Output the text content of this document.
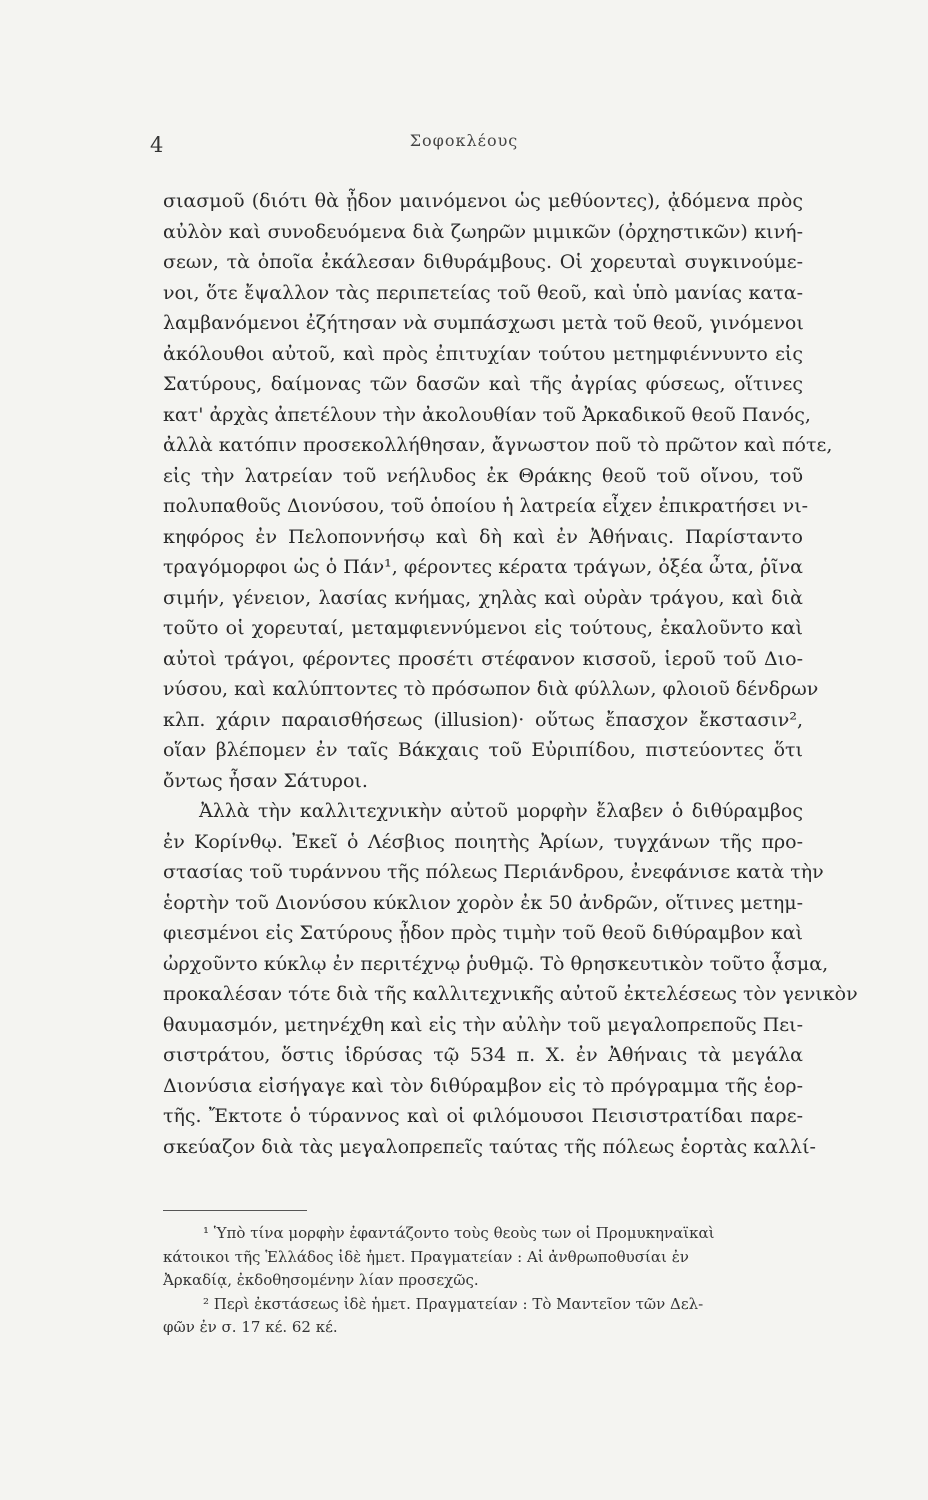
4	Σοφοκλέους
σιασμοῦ (διότι θὰ ᾖδον μαινόμενοι ὡς μεθύοντες), ᾀδόμενα πρὸς
αὐλὸν καὶ συνοδευόμενα διὰ ζωηρῶν μιμικῶν (ὀρχηστικῶν) κινή-
σεων, τὰ ὁποῖα ἐκάλεσαν διθυράμβους. Οἱ χορευταὶ συγκινούμε-
νοι, ὅτε ἔψαλλον τὰς περιπετείας τοῦ θεοῦ, καὶ ὑπὸ μανίας κατα-
λαμβανόμενοι ἐζήτησαν νὰ συμπάσχωσι μετὰ τοῦ θεοῦ, γινόμενοι
ἀκόλουθοι αὐτοῦ, καὶ πρὸς ἐπιτυχίαν τούτου μετημφιέννυντο εἰς
Σατύρους, δαίμονας τῶν δασῶν καὶ τῆς ἀγρίας φύσεως, οἵτινες
κατ' ἀρχὰς ἀπετέλουν τὴν ἀκολουθίαν τοῦ Ἀρκαδικοῦ θεοῦ Πανός,
ἀλλὰ κατόπιν προσεκολλήθησαν, ἄγνωστον ποῦ τὸ πρῶτον καὶ πότε,
εἰς τὴν λατρείαν τοῦ νεήλυδος ἐκ Θράκης θεοῦ τοῦ οἴνου, τοῦ
πολυπαθοῦς Διονύσου, τοῦ ὁποίου ἡ λατρεία εἶχεν ἐπικρατήσει νι-
κηφόρος ἐν Πελοποννήσῳ καὶ δὴ καὶ ἐν Ἀθήναις. Παρίσταντο
τραγόμορφοι ὡς ὁ Πάν¹, φέροντες κέρατα τράγων, ὀξέα ὦτα, ῥῖνα
σιμήν, γένειον, λασίας κνήμας, χηλὰς καὶ οὐρὰν τράγου, καὶ διὰ
τοῦτο οἱ χορευταί, μεταμφιεννύμενοι εἰς τούτους, ἐκαλοῦντο καὶ
αὐτοὶ τράγοι, φέροντες προσέτι στέφανον κισσοῦ, ἱεροῦ τοῦ Διο-
νύσου, καὶ καλύπτοντες τὸ πρόσωπον διὰ φύλλων, φλοιοῦ δένδρων
κλπ. χάριν παραισθήσεως (illusion)· οὕτως ἔπασχον ἔκστασιν²,
οἵαν βλέπομεν ἐν ταῖς Βάκχαις τοῦ Εὐριπίδου, πιστεύοντες ὅτι
ὄντως ἦσαν Σάτυροι.
Ἀλλὰ τὴν καλλιτεχνικὴν αὐτοῦ μορφὴν ἔλαβεν ὁ διθύραμβος
ἐν Κορίνθῳ. Ἐκεῖ ὁ Λέσβιος ποιητὴς Ἀρίων, τυγχάνων τῆς προ-
στασίας τοῦ τυράννου τῆς πόλεως Περιάνδρου, ἐνεφάνισε κατὰ τὴν
ἑορτὴν τοῦ Διονύσου κύκλιον χορὸν ἐκ 50 ἀνδρῶν, οἵτινες μετημ-
φιεσμένοι εἰς Σατύρους ᾖδον πρὸς τιμὴν τοῦ θεοῦ διθύραμβον καὶ
ὠρχοῦντο κύκλῳ ἐν περιτέχνῳ ῥυθμῷ. Τὸ θρησκευτικὸν τοῦτο ᾆσμα,
προκαλέσαν τότε διὰ τῆς καλλιτεχνικῆς αὐτοῦ ἐκτελέσεως τὸν γενικὸν
θαυμασμόν, μετηνέχθη καὶ εἰς τὴν αὐλὴν τοῦ μεγαλοπρεποῦς Πει-
σιστράτου, ὅστις ἱδρύσας τῷ 534 π. Χ. ἐν Ἀθήναις τὰ μεγάλα
Διονύσια εἰσήγαγε καὶ τὸν διθύραμβον εἰς τὸ πρόγραμμα τῆς ἑορ-
τῆς. Ἔκτοτε ὁ τύραννος καὶ οἱ φιλόμουσοι Πεισιστρατίδαι παρε-
σκεύαζον διὰ τὰς μεγαλοπρεπεῖς ταύτας τῆς πόλεως ἑορτὰς καλλί-
¹ Ὑπὸ τίνα μορφὴν ἐφαντάζοντο τοὺς θεοὺς των οἱ Προμυκηναϊκαὶ
κάτοικοι τῆς Ἑλλάδος ἰδὲ ἡμετ. Πραγματείαν : Αἱ ἀνθρωποθυσίαι ἐν
Ἀρκαδίᾳ, ἐκδοθησομένην λίαν προσεχῶς.
² Περὶ ἐκστάσεως ἰδὲ ἡμετ. Πραγματείαν : Τὸ Μαντεῖον τῶν Δελ-
φῶν ἐν σ. 17 κέ. 62 κέ.
